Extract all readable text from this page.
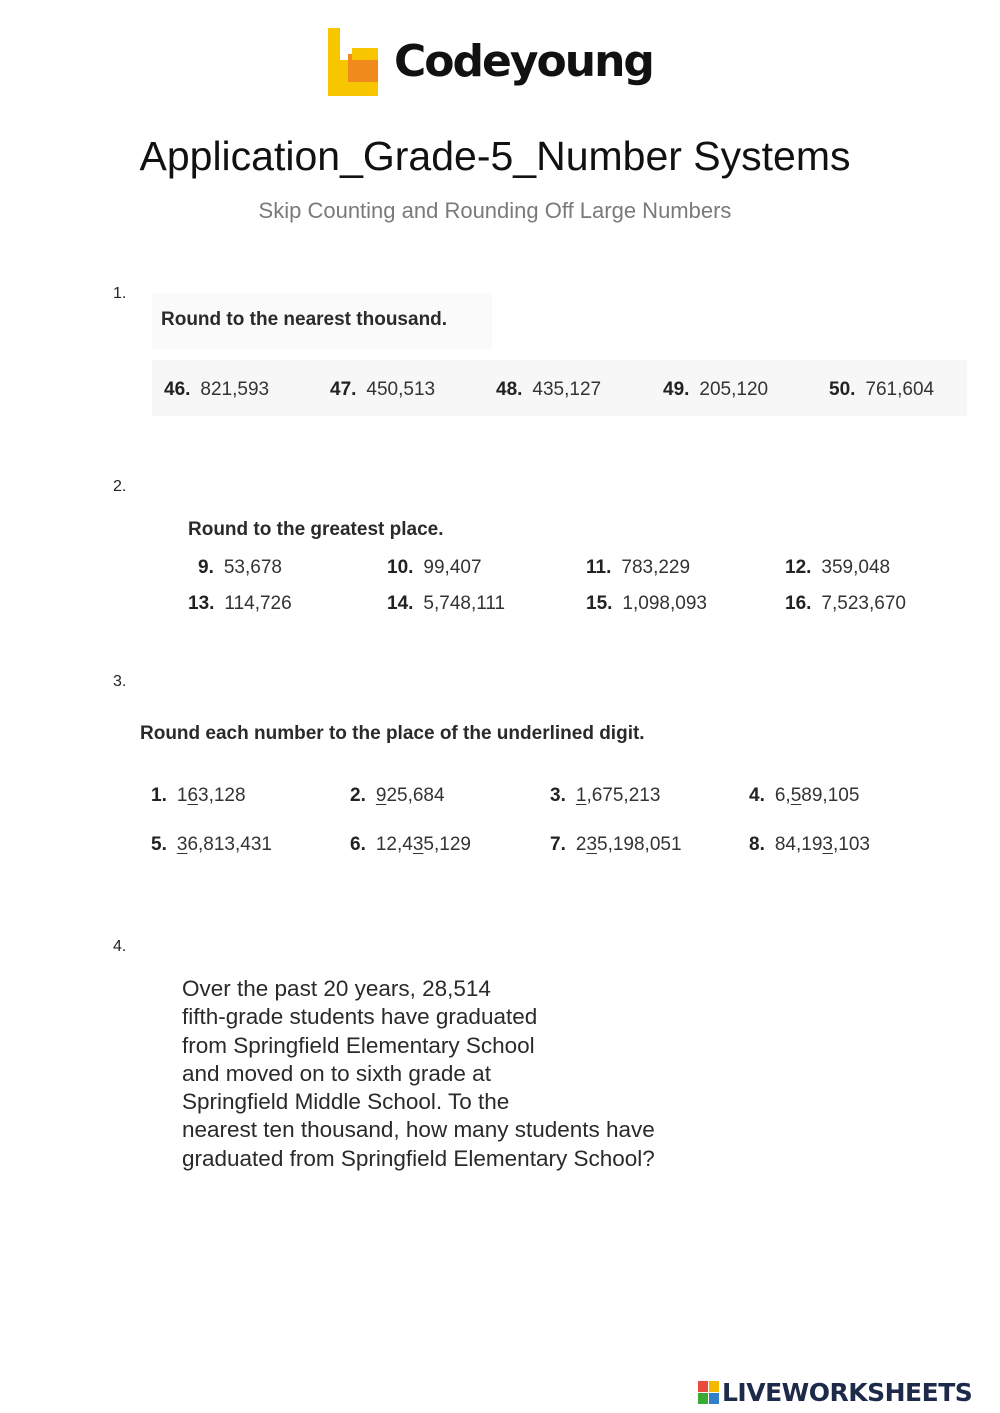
Codeyoung
Application_Grade-5_Number Systems
Skip Counting and Rounding Off Large Numbers
1.
Round to the nearest thousand.
46. 821,593	47. 450,513	48. 435,127	49. 205,120	50. 761,604
2.
Round to the greatest place.
9. 53,678	10. 99,407	11. 783,229	12. 359,048
13. 114,726	14. 5,748,111	15. 1,098,093	16. 7,523,670
3.
Round each number to the place of the underlined digit.
1. 163,128	2. 925,684	3. 1,675,213	4. 6,589,105
5. 36,813,431	6. 12,435,129	7. 235,198,051	8. 84,193,103
4.
Over the past 20 years, 28,514
fifth-grade students have graduated
from Springfield Elementary School
and moved on to sixth grade at
Springfield Middle School. To the
nearest ten thousand, how many students have
graduated from Springfield Elementary School?
LIVEWORKSHEETS
